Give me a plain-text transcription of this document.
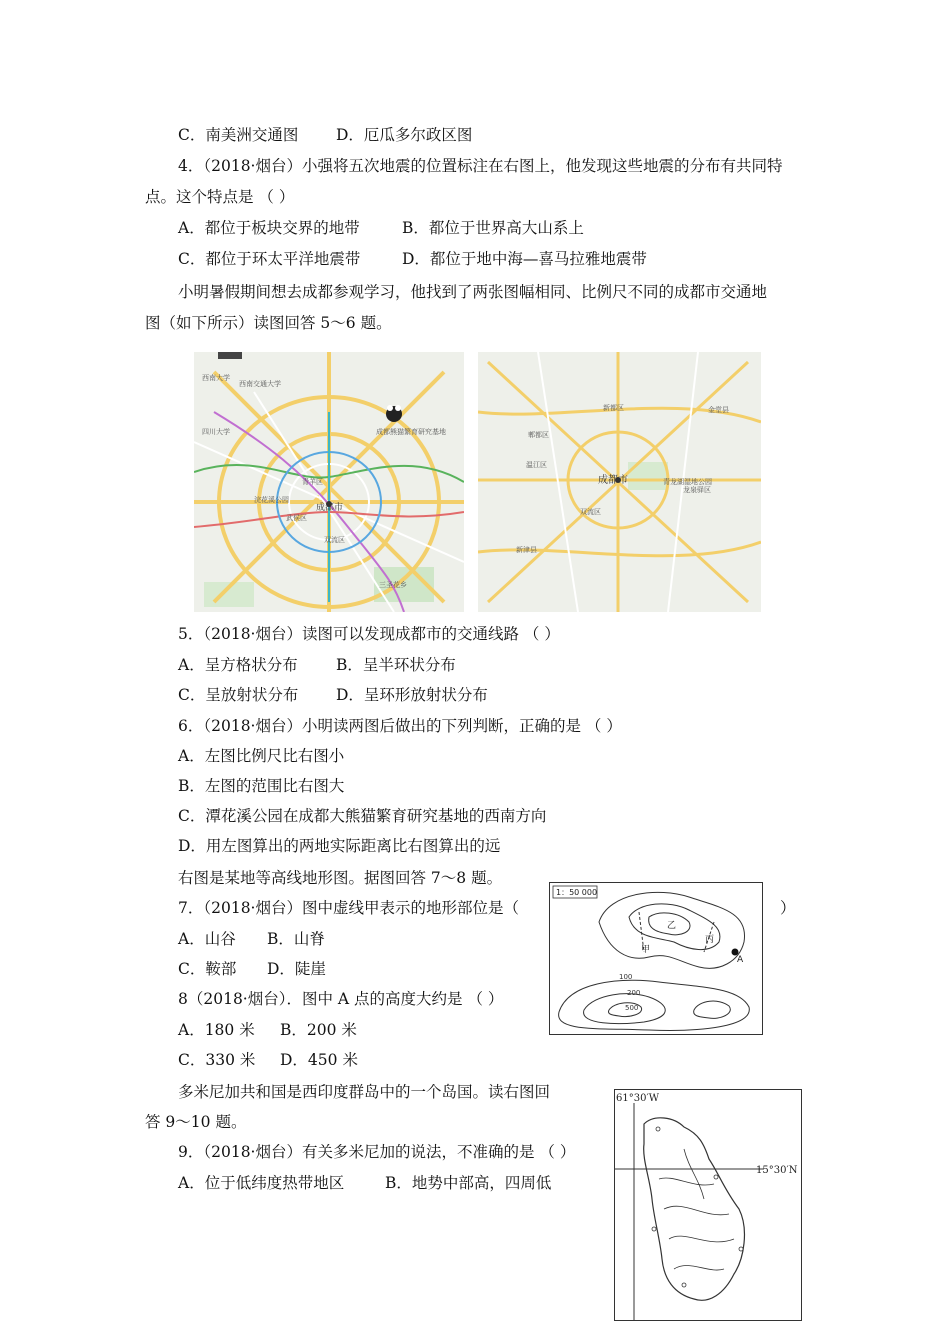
C．南美洲交通图 D．厄瓜多尔政区图
4．（2018·烟台）小强将五次地震的位置标注在右图上，他发现这些地震的分布有共同特
点。这个特点是 （ ）
A．都位于板块交界的地带	B．都位于世界高大山系上
C．都位于环太平洋地震带	D．都位于地中海—喜马拉雅地震带
小明暑假期间想去成都参观学习，他找到了两张图幅相同、比例尺不同的成都市交通地
图（如下所示）读图回答 5～6 题。
西南交通大学
西南大学
四川大学
青羊区
成都熊猫繁育研究基地
浣花溪公园
武侯区
双流区
三圣花乡
成都市
新都区
郫都区
温江区
龙泉驿区
双流区
新津县
青龙湖湿地公园
金堂县
成都市
5．（2018·烟台）读图可以发现成都市的交通线路 （ ）
A．呈方格状分布 B．呈半环状分布
C．呈放射状分布 D．呈环形放射状分布
6．（2018·烟台）小明读两图后做出的下列判断，正确的是 （ ）
A．左图比例尺比右图小
B．左图的范围比右图大
C．潭花溪公园在成都大熊猫繁育研究基地的西南方向
D．用左图算出的两地实际距离比右图算出的远
右图是某地等高线地形图。据图回答 7～8 题。
7．（2018·烟台）图中虚线甲表示的地形部位是（	）
A．山谷 B．山脊
C．鞍部 D．陡崖
1：50 000
甲
乙
丙
A
100
200
500
8（2018·烟台）．图中 A 点的高度大约是 （ ）
A．180 米 B．200 米
C．330 米 D．450 米
多米尼加共和国是西印度群岛中的一个岛国。读右图回
答 9～10 题。
61°30′W
15°30′N
9．（2018·烟台）有关多米尼加的说法，不准确的是 （ ）
A．位于低纬度热带地区	B．地势中部高，四周低
